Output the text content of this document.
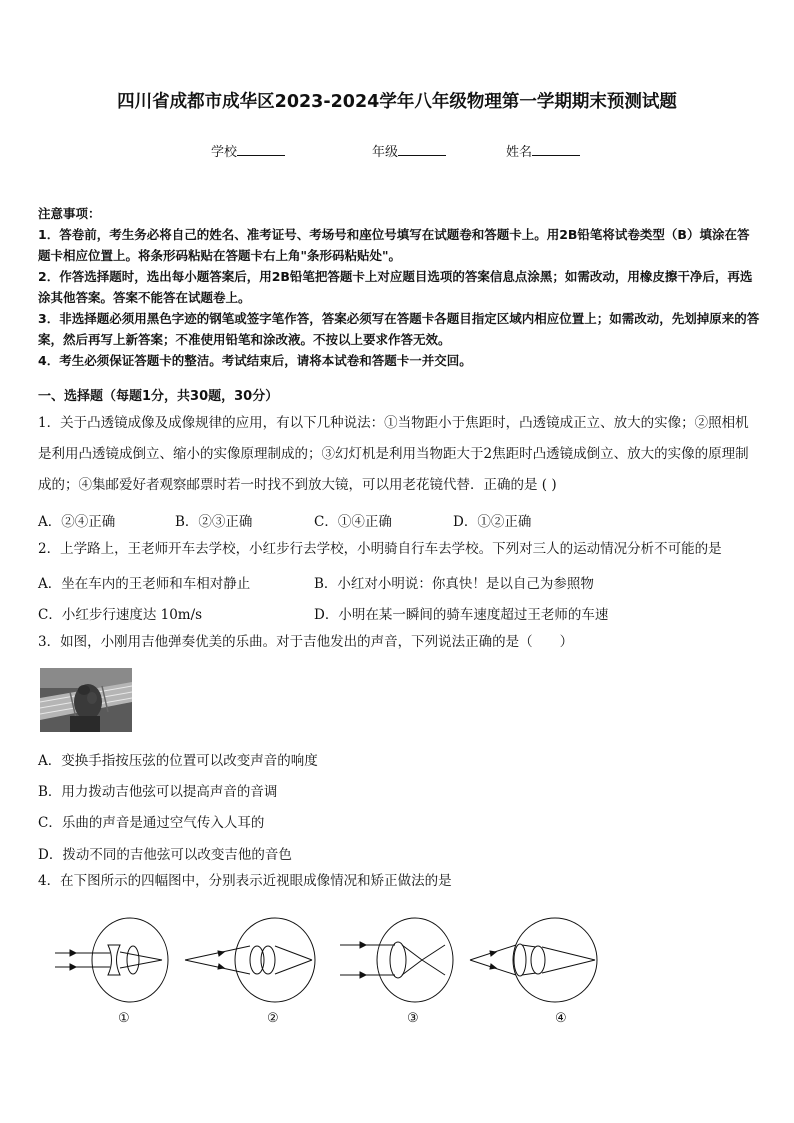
四川省成都市成华区2023-2024学年八年级物理第一学期期末预测试题
学校	年级	姓名

注意事项：

1．答卷前，考生务必将自己的姓名、准考证号、考场号和座位号填写在试题卷和答题卡上。用2B铅笔将试卷类型（B）填涂在答题卡相应位置上。将条形码粘贴在答题卡右上角"条形码粘贴处"。

2．作答选择题时，选出每小题答案后，用2B铅笔把答题卡上对应题目选项的答案信息点涂黑；如需改动，用橡皮擦干净后，再选涂其他答案。答案不能答在试题卷上。

3．非选择题必须用黑色字迹的钢笔或签字笔作答，答案必须写在答题卡各题目指定区域内相应位置上；如需改动，先划掉原来的答案，然后再写上新答案；不准使用铅笔和涂改液。不按以上要求作答无效。

4．考生必须保证答题卡的整洁。考试结束后，请将本试卷和答题卡一并交回。

一、选择题（每题1分，共30题，30分）

1．关于凸透镜成像及成像规律的应用，有以下几种说法：①当物距小于焦距时，凸透镜成正立、放大的实像；②照相机是利用凸透镜成倒立、缩小的实像原理制成的；③幻灯机是利用当物距大于2焦距时凸透镜成倒立、放大的实像的原理制成的；④集邮爱好者观察邮票时若一时找不到放大镜，可以用老花镜代替．正确的是 ( )

A．②④正确	B．②③正确	C．①④正确	D．①②正确

2．上学路上，王老师开车去学校，小红步行去学校，小明骑自行车去学校。下列对三人的运动情况分析不可能的是

A．坐在车内的王老师和车相对静止	B．小红对小明说：你真快！是以自己为参照物
C．小红步行速度达 10m/s	D．小明在某一瞬间的骑车速度超过王老师的车速

3．如图，小刚用吉他弹奏优美的乐曲。对于吉他发出的声音，下列说法正确的是（　　）

A．变换手指按压弦的位置可以改变声音的响度
B．用力拨动吉他弦可以提高声音的音调
C．乐曲的声音是通过空气传入人耳的
D．拨动不同的吉他弦可以改变吉他的音色

4．在下图所示的四幅图中，分别表示近视眼成像情况和矫正做法的是

①	②	③	④
